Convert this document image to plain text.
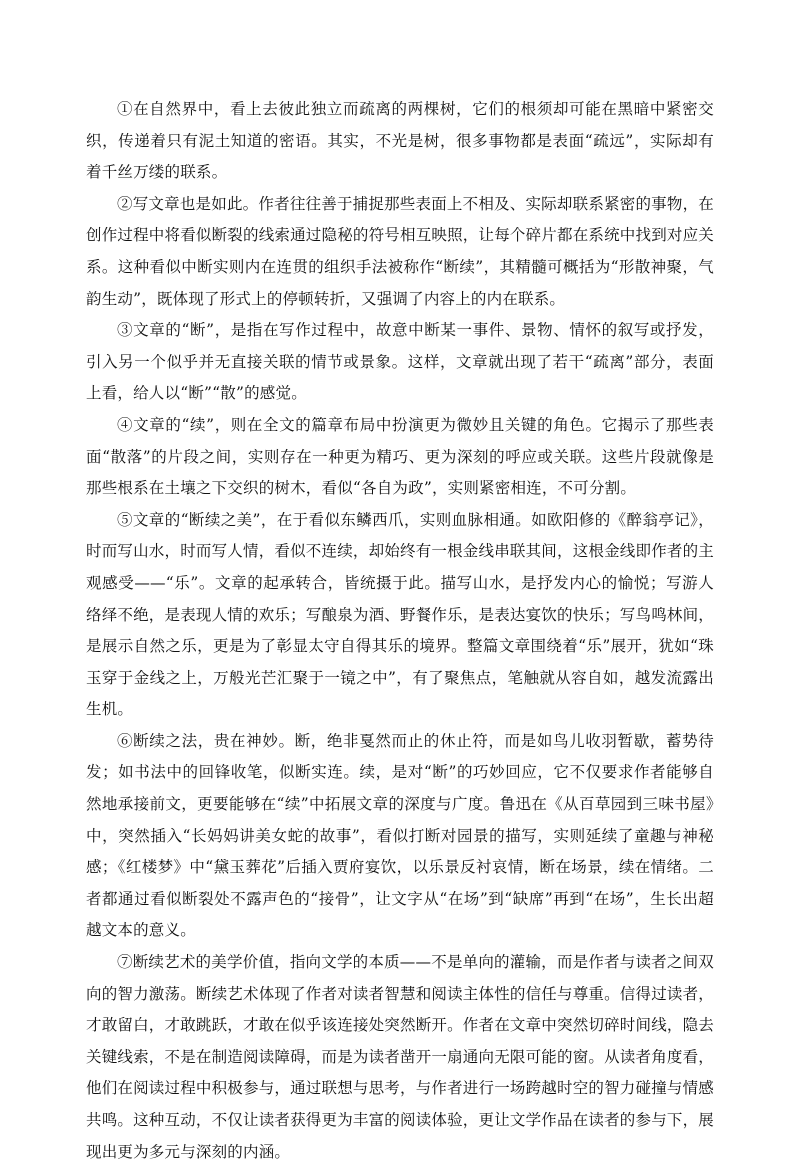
①在自然界中，看上去彼此独立而疏离的两棵树，它们的根须却可能在黑暗中紧密交织，传递着只有泥土知道的密语。其实，不光是树，很多事物都是表面“疏远”，实际却有着千丝万缕的联系。

②写文章也是如此。作者往往善于捕捉那些表面上不相及、实际却联系紧密的事物，在创作过程中将看似断裂的线索通过隐秘的符号相互映照，让每个碎片都在系统中找到对应关系。这种看似中断实则内在连贯的组织手法被称作“断续”，其精髓可概括为“形散神聚，气韵生动”，既体现了形式上的停顿转折，又强调了内容上的内在联系。

③文章的“断”，是指在写作过程中，故意中断某一事件、景物、情怀的叙写或抒发，引入另一个似乎并无直接关联的情节或景象。这样，文章就出现了若干“疏离”部分，表面上看，给人以“断”“散”的感觉。

④文章的“续”，则在全文的篇章布局中扮演更为微妙且关键的角色。它揭示了那些表面“散落”的片段之间，实则存在一种更为精巧、更为深刻的呼应或关联。这些片段就像是那些根系在土壤之下交织的树木，看似“各自为政”，实则紧密相连，不可分割。

⑤文章的“断续之美”，在于看似东鳞西爪，实则血脉相通。如欧阳修的《醉翁亭记》，时而写山水，时而写人情，看似不连续，却始终有一根金线串联其间，这根金线即作者的主观感受——“乐”。文章的起承转合，皆统摄于此。描写山水，是抒发内心的愉悦；写游人络绎不绝，是表现人情的欢乐；写酿泉为酒、野餐作乐，是表达宴饮的快乐；写鸟鸣林间，是展示自然之乐，更是为了彰显太守自得其乐的境界。整篇文章围绕着“乐”展开，犹如“珠玉穿于金线之上，万般光芒汇聚于一镜之中”，有了聚焦点，笔触就从容自如，越发流露出生机。

⑥断续之法，贵在神妙。断，绝非戛然而止的休止符，而是如鸟儿收羽暂歇，蓄势待发；如书法中的回锋收笔，似断实连。续，是对“断”的巧妙回应，它不仅要求作者能够自然地承接前文，更要能够在“续”中拓展文章的深度与广度。鲁迅在《从百草园到三味书屋》中，突然插入“长妈妈讲美女蛇的故事”，看似打断对园景的描写，实则延续了童趣与神秘感；《红楼梦》中“黛玉葬花”后插入贾府宴饮，以乐景反衬哀情，断在场景，续在情绪。二者都通过看似断裂处不露声色的“接骨”，让文字从“在场”到“缺席”再到“在场”，生长出超越文本的意义。

⑦断续艺术的美学价值，指向文学的本质——不是单向的灌输，而是作者与读者之间双向的智力激荡。断续艺术体现了作者对读者智慧和阅读主体性的信任与尊重。信得过读者，才敢留白，才敢跳跃，才敢在似乎该连接处突然断开。作者在文章中突然切碎时间线，隐去关键线索，不是在制造阅读障碍，而是为读者凿开一扇通向无限可能的窗。从读者角度看，他们在阅读过程中积极参与，通过联想与思考，与作者进行一场跨越时空的智力碰撞与情感共鸣。这种互动，不仅让读者获得更为丰富的阅读体验，更让文学作品在读者的参与下，展现出更为多元与深刻的内涵。
